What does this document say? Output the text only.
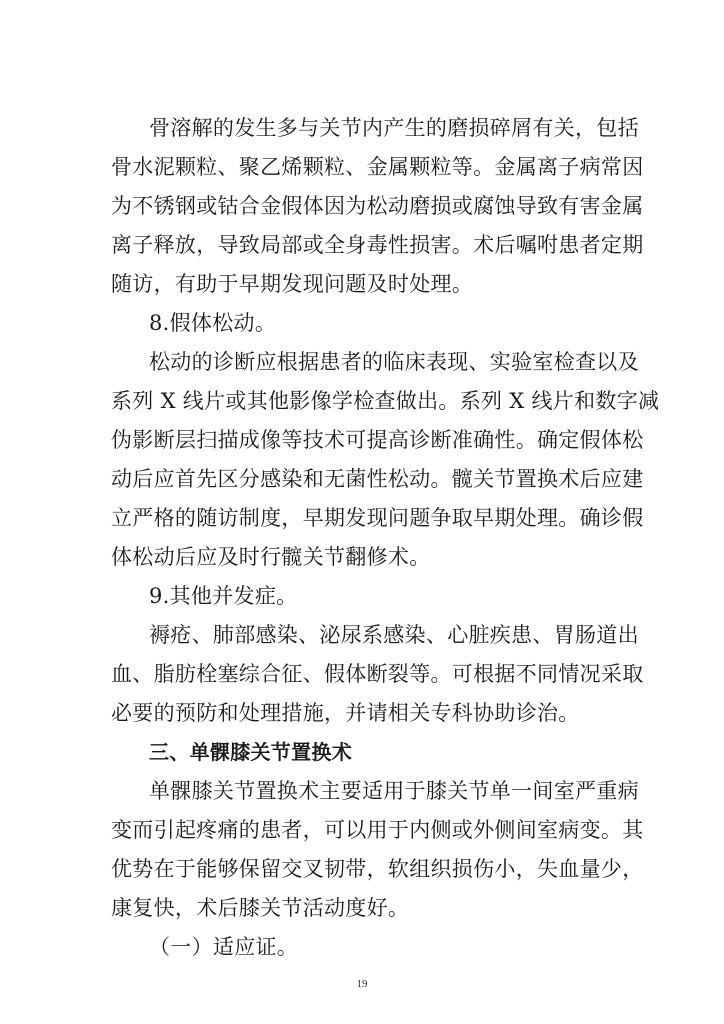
骨溶解的发生多与关节内产生的磨损碎屑有关，包括
骨水泥颗粒、聚乙烯颗粒、金属颗粒等。金属离子病常因
为不锈钢或钴合金假体因为松动磨损或腐蚀导致有害金属
离子释放，导致局部或全身毒性损害。术后嘱咐患者定期
随访，有助于早期发现问题及时处理。
8.假体松动。
松动的诊断应根据患者的临床表现、实验室检查以及
系列 X 线片或其他影像学检查做出。系列 X 线片和数字减
伪影断层扫描成像等技术可提高诊断准确性。确定假体松
动后应首先区分感染和无菌性松动。髋关节置换术后应建
立严格的随访制度，早期发现问题争取早期处理。确诊假
体松动后应及时行髋关节翻修术。
9.其他并发症。
褥疮、肺部感染、泌尿系感染、心脏疾患、胃肠道出
血、脂肪栓塞综合征、假体断裂等。可根据不同情况采取
必要的预防和处理措施，并请相关专科协助诊治。
三、单髁膝关节置换术
单髁膝关节置换术主要适用于膝关节单一间室严重病
变而引起疼痛的患者，可以用于内侧或外侧间室病变。其
优势在于能够保留交叉韧带，软组织损伤小，失血量少，
康复快，术后膝关节活动度好。
（一）适应证。
19
